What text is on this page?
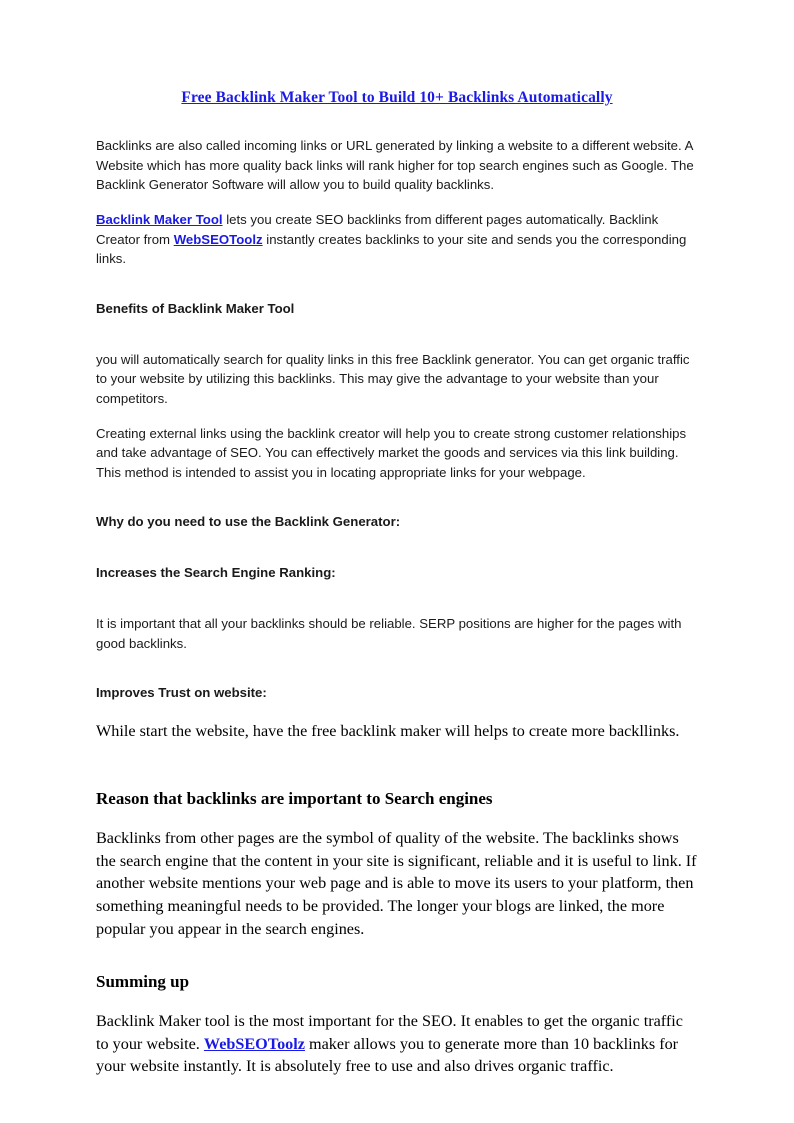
Free Backlink Maker Tool to Build 10+ Backlinks Automatically

Backlinks are also called incoming links or URL generated by linking a website to a different website. A Website which has more quality back links will rank higher for top search engines such as Google. The Backlink Generator Software will allow you to build quality backlinks.

Backlink Maker Tool lets you create SEO backlinks from different pages automatically. Backlink Creator from WebSEOToolz instantly creates backlinks to your site and sends you the corresponding links.

Benefits of Backlink Maker Tool

you will automatically search for quality links in this free Backlink generator. You can get organic traffic to your website by utilizing this backlinks. This may give the advantage to your website than your competitors.

Creating external links using the backlink creator will help you to create strong customer relationships and take advantage of SEO. You can effectively market the goods and services via this link building. This method is intended to assist you in locating appropriate links for your webpage.

Why do you need to use the Backlink Generator:
Increases the Search Engine Ranking:

It is important that all your backlinks should be reliable. SERP positions are higher for the pages with good backlinks.

Improves Trust on website:

While start the website, have the free backlink maker will helps to create more backllinks.

Reason that backlinks are important to Search engines

Backlinks from other pages are the symbol of quality of the website. The backlinks shows the search engine that the content in your site is significant, reliable and it is useful to link. If another website mentions your web page and is able to move its users to your platform, then something meaningful needs to be provided. The longer your blogs are linked, the more popular you appear in the search engines.

Summing up

Backlink Maker tool is the most important for the SEO. It enables to get the organic traffic to your website. WebSEOToolz maker allows you to generate more than 10 backlinks for your website instantly. It is absolutely free to use and also drives organic traffic.
